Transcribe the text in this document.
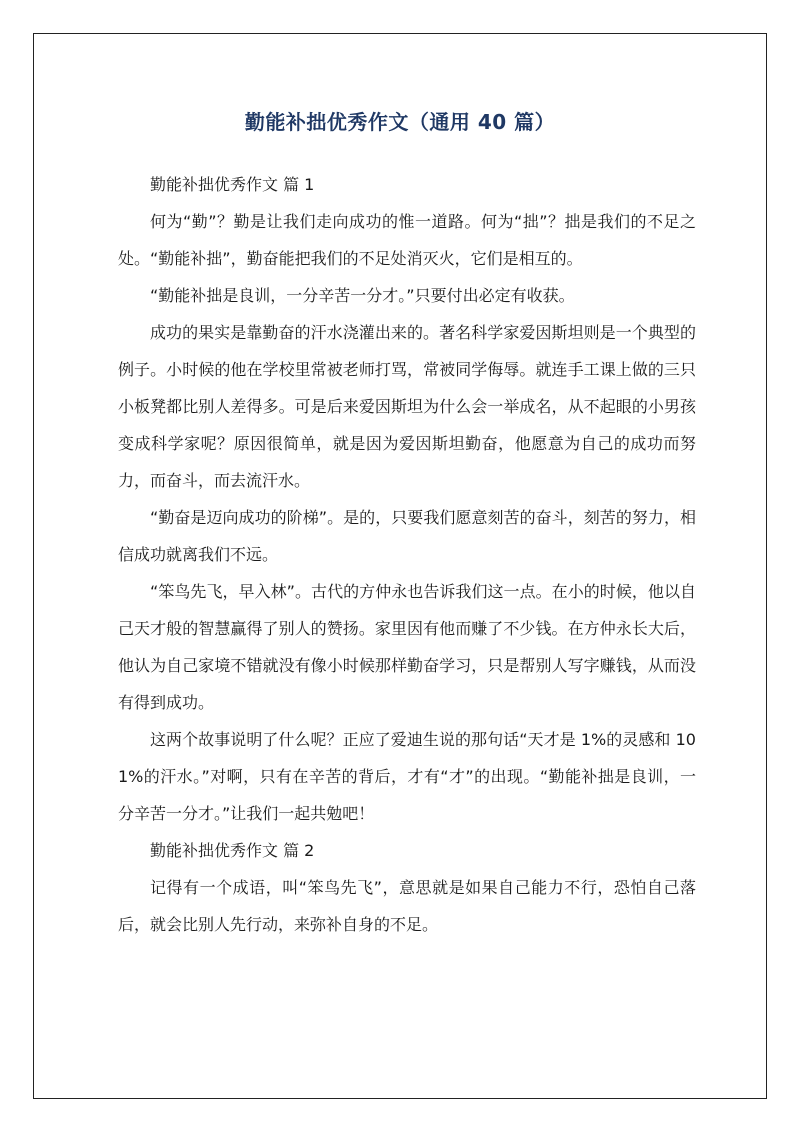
勤能补拙优秀作文（通用 40 篇）

勤能补拙优秀作文 篇 1

何为“勤”？勤是让我们走向成功的惟一道路。何为“拙”？拙是我们的不足之处。“勤能补拙”，勤奋能把我们的不足处消灭火，它们是相互的。

“勤能补拙是良训，一分辛苦一分才。”只要付出必定有收获。

成功的果实是靠勤奋的汗水浇灌出来的。著名科学家爱因斯坦则是一个典型的例子。小时候的他在学校里常被老师打骂，常被同学侮辱。就连手工课上做的三只小板凳都比别人差得多。可是后来爱因斯坦为什么会一举成名，从不起眼的小男孩变成科学家呢？原因很简单，就是因为爱因斯坦勤奋，他愿意为自己的成功而努力，而奋斗，而去流汗水。

“勤奋是迈向成功的阶梯”。是的，只要我们愿意刻苦的奋斗，刻苦的努力，相信成功就离我们不远。

“笨鸟先飞，早入林”。古代的方仲永也告诉我们这一点。在小的时候，他以自己天才般的智慧赢得了别人的赞扬。家里因有他而赚了不少钱。在方仲永长大后，他认为自己家境不错就没有像小时候那样勤奋学习，只是帮别人写字赚钱，从而没有得到成功。

这两个故事说明了什么呢？正应了爱迪生说的那句话“天才是 1%的灵感和 101%的汗水。”对啊，只有在辛苦的背后，才有“才”的出现。“勤能补拙是良训，一分辛苦一分才。”让我们一起共勉吧！

勤能补拙优秀作文 篇 2

记得有一个成语，叫“笨鸟先飞”，意思就是如果自己能力不行，恐怕自己落后，就会比别人先行动，来弥补自身的不足。
